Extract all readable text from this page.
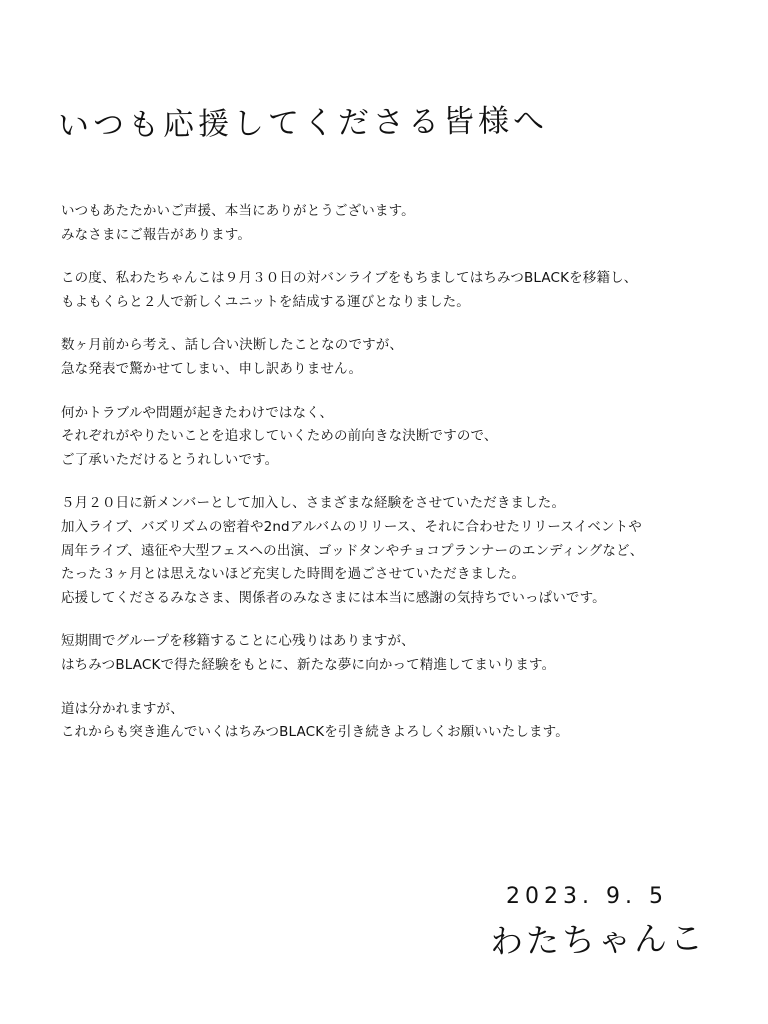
いつも応援してくださる皆様へ
いつもあたたかいご声援、本当にありがとうございます。
みなさまにご報告があります。
この度、私わたちゃんこは９月３０日の対バンライブをもちましてはちみつBLACKを移籍し、
もよもくらと２人で新しくユニットを結成する運びとなりました。
数ヶ月前から考え、話し合い決断したことなのですが、
急な発表で驚かせてしまい、申し訳ありません。
何かトラブルや問題が起きたわけではなく、
それぞれがやりたいことを追求していくための前向きな決断ですので、
ご了承いただけるとうれしいです。
５月２０日に新メンバーとして加入し、さまざまな経験をさせていただきました。
加入ライブ、バズリズムの密着や2ndアルバムのリリース、それに合わせたリリースイベントや
周年ライブ、遠征や大型フェスへの出演、ゴッドタンやチョコプランナーのエンディングなど、
たった３ヶ月とは思えないほど充実した時間を過ごさせていただきました。
応援してくださるみなさま、関係者のみなさまには本当に感謝の気持ちでいっぱいです。
短期間でグループを移籍することに心残りはありますが、
はちみつBLACKで得た経験をもとに、新たな夢に向かって精進してまいります。
道は分かれますが、
これからも突き進んでいくはちみつBLACKを引き続きよろしくお願いいたします。
2023. 9. 5
わたちゃんこ
